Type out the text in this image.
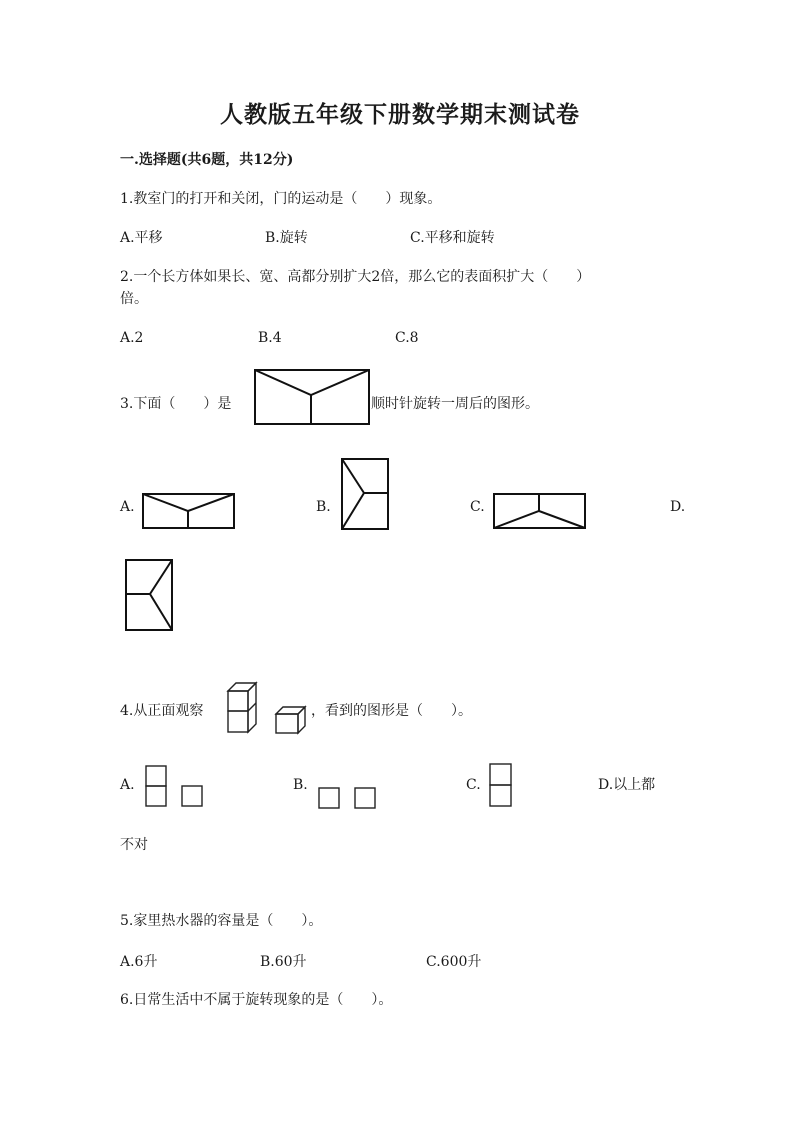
人教版五年级下册数学期末测试卷
一.选择题(共6题，共12分)
1.教室门的打开和关闭，门的运动是（　　）现象。
A.平移	B.旋转	C.平移和旋转
2.一个长方体如果长、宽、高都分别扩大2倍，那么它的表面积扩大（　　）
倍。
A.2	B.4	C.8
3.下面（　　）是	顺时针旋转一周后的图形。
A.	B.	C.	D.
4.从正面观察	，看到的图形是（　　）。
A.	B.	C.	D.以上都
不对
5.家里热水器的容量是（　　）。
A.6升	B.60升	C.600升
6.日常生活中不属于旋转现象的是（　　）。
